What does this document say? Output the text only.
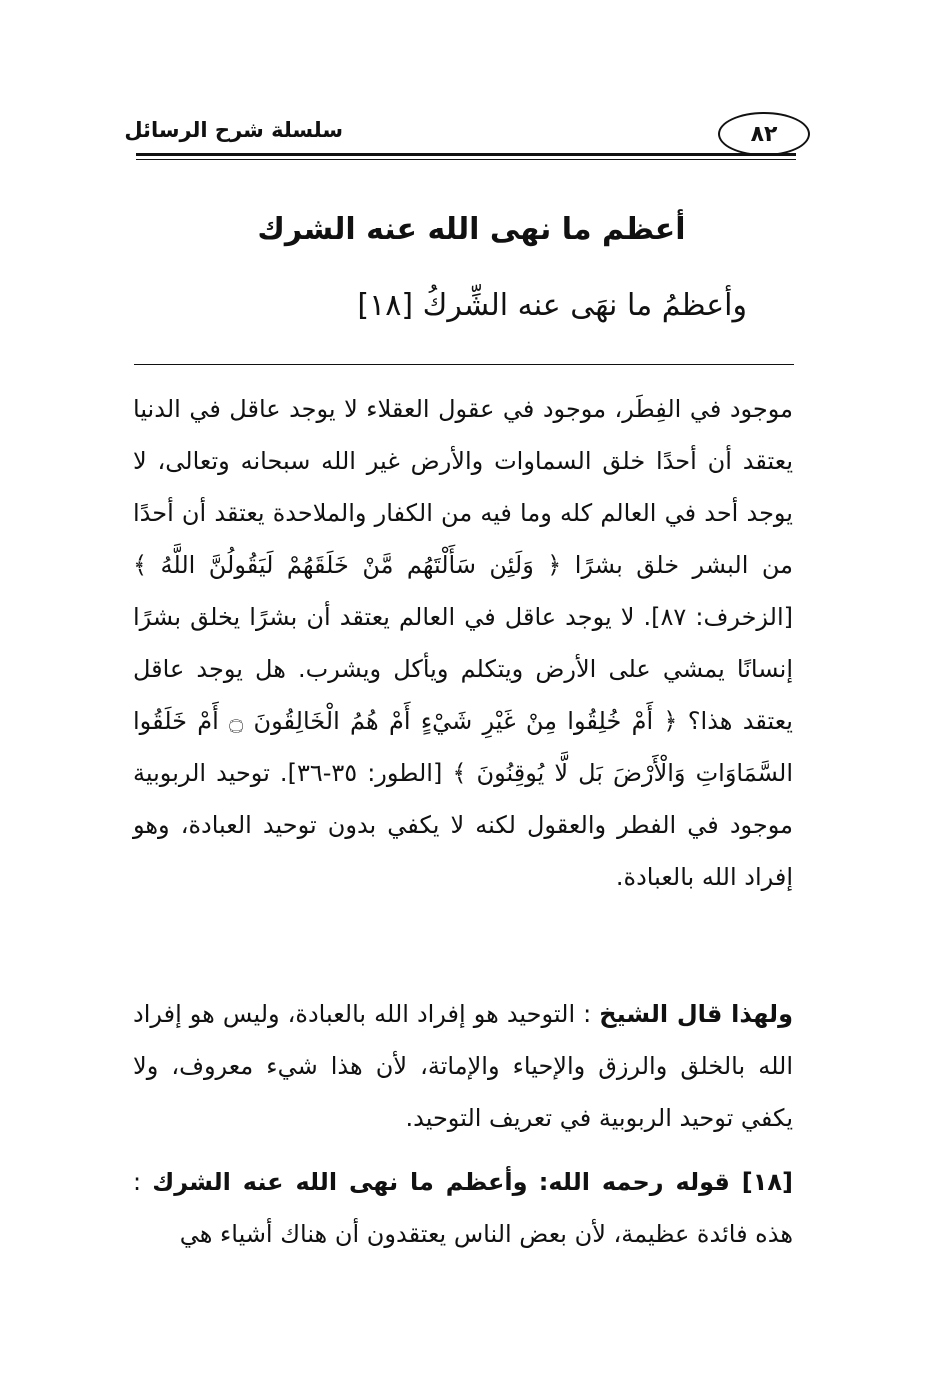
سلسلة شرح الرسائل	٨٢
أعظم ما نهى الله عنه الشرك
وأعظمُ ما نهَى عنه الشِّركُ [١٨]
موجود في الفِطَر، موجود في عقول العقلاء لا يوجد عاقل في الدنيا يعتقد أن أحدًا خلق السماوات والأرض غير الله سبحانه وتعالى، لا يوجد أحد في العالم كله وما فيه من الكفار والملاحدة يعتقد أن أحدًا من البشر خلق بشرًا ﴿ وَلَئِن سَأَلْتَهُم مَّنْ خَلَقَهُمْ لَيَقُولُنَّ اللَّهُ ﴾ [الزخرف: ٨٧]. لا يوجد عاقل في العالم يعتقد أن بشرًا يخلق بشرًا إنسانًا يمشي على الأرض ويتكلم ويأكل ويشرب. هل يوجد عاقل يعتقد هذا؟ ﴿ أَمْ خُلِقُوا مِنْ غَيْرِ شَيْءٍ أَمْ هُمُ الْخَالِقُونَ ۝ أَمْ خَلَقُوا السَّمَاوَاتِ وَالْأَرْضَ بَل لَّا يُوقِنُونَ ﴾ [الطور: ٣٥-٣٦]. توحيد الربوبية موجود في الفطر والعقول لكنه لا يكفي بدون توحيد العبادة، وهو إفراد الله بالعبادة.
ولهذا قال الشيخ : التوحيد هو إفراد الله بالعبادة، وليس هو إفراد الله بالخلق والرزق والإحياء والإماتة، لأن هذا شيء معروف، ولا يكفي توحيد الربوبية في تعريف التوحيد.
[١٨] قوله رحمه الله: وأعظم ما نهى الله عنه الشرك : هذه فائدة عظيمة، لأن بعض الناس يعتقدون أن هناك أشياء هي
